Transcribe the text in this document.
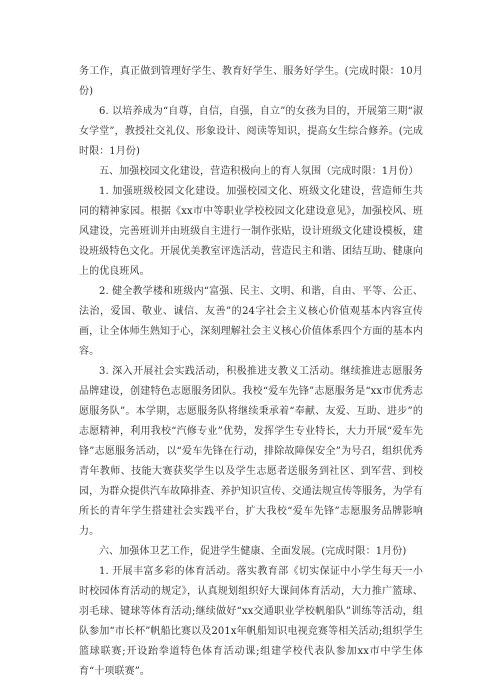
务工作，真正做到管理好学生、教育好学生、服务好学生。(完成时限：10月份)

6. 以培养成为“自尊，自信，自强，自立”的女孩为目的，开展第三期“淑女学堂”，教授社交礼仪、形象设计、阅读等知识，提高女生综合修养。(完成时限：1月份)

五、加强校园文化建设，营造积极向上的育人氛围（完成时限：1月份）

1. 加强班级校园文化建设。加强校园文化、班级文化建设，营造师生共同的精神家园。根据《xx市中等职业学校校园文化建设意见》，加强校风、班风建设，完善班训并由班级自主进行一制作张贴，设计班级文化建设模板，建设班级特色文化。开展优美教室评选活动，营造民主和谐、团结互助、健康向上的优良班风。

2. 健全教学楼和班级内“富强、民主、文明、和谐，自由、平等、公正、法治，爱国、敬业、诚信、友善”的24字社会主义核心价值观基本内容宣传画，让全体师生熟知于心，深刻理解社会主义核心价值体系四个方面的基本内容。

3. 深入开展社会实践活动，积极推进支教义工活动。继续推进志愿服务品牌建设，创建特色志愿服务团队。我校“爱车先锋”志愿服务是“xx市优秀志愿服务队”。本学期，志愿服务队将继续秉承着“奉献、友爱、互助、进步”的志愿精神，利用我校“汽修专业”优势，发挥学生专业特长，大力开展“爱车先锋”志愿服务活动，以“爱车先锋在行动，排除故障保安全”为号召，组织优秀青年教师、技能大赛获奖学生以及学生志愿者送服务到社区、到军营、到校园，为群众提供汽车故障排查、养护知识宣传、交通法规宣传等服务，为学有所长的青年学生搭建社会实践平台，扩大我校“爱车先锋”志愿服务品牌影响力。

六、加强体卫艺工作，促进学生健康、全面发展。(完成时限：1月份)

1. 开展丰富多彩的体育活动。落实教育部《切实保证中小学生每天一小时校园体育活动的规定》，认真规划组织好大课间体育活动，大力推广篮球、羽毛球、键球等体育活动;继续做好“xx交通职业学校帆船队”训练等活动，组队参加“市长杯”帆船比赛以及201x年帆船知识电视竞赛等相关活动;组织学生篮球联赛;开设跆拳道特色体育活动课;组建学校代表队参加xx市中学生体育“十项联赛”。
